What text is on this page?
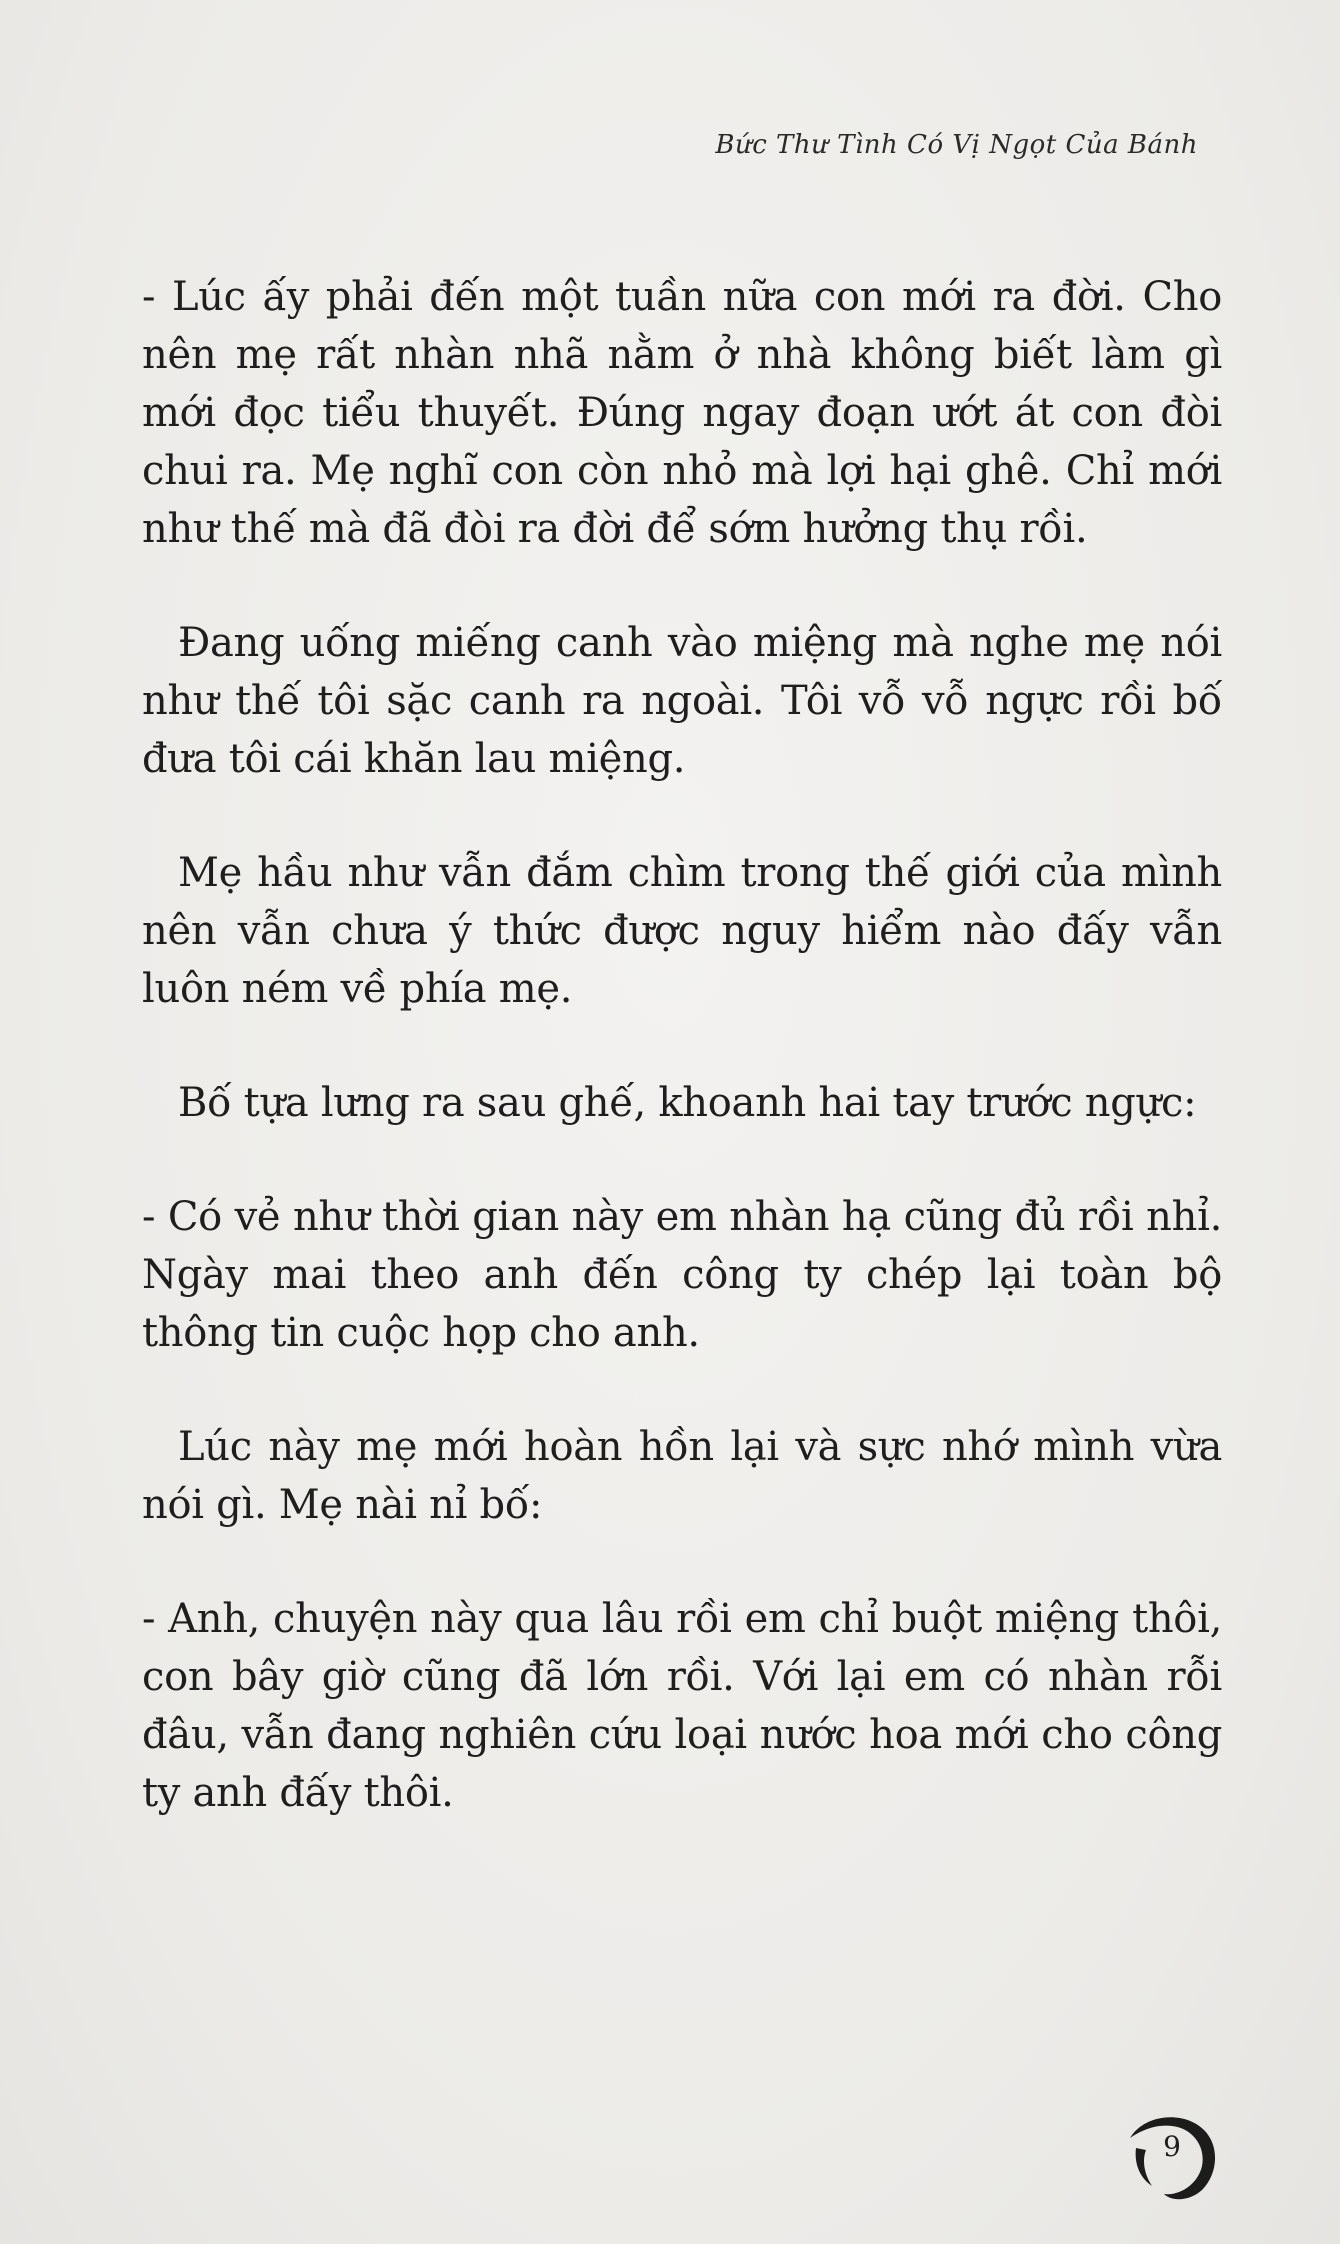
Bức Thư Tình Có Vị Ngọt Của Bánh

- Lúc ấy phải đến một tuần nữa con mới ra đời. Cho nên mẹ rất nhàn nhã nằm ở nhà không biết làm gì mới đọc tiểu thuyết. Đúng ngay đoạn ướt át con đòi chui ra. Mẹ nghĩ con còn nhỏ mà lợi hại ghê. Chỉ mới như thế mà đã đòi ra đời để sớm hưởng thụ rồi.

Đang uống miếng canh vào miệng mà nghe mẹ nói như thế tôi sặc canh ra ngoài. Tôi vỗ vỗ ngực rồi bố đưa tôi cái khăn lau miệng.

Mẹ hầu như vẫn đắm chìm trong thế giới của mình nên vẫn chưa ý thức được nguy hiểm nào đấy vẫn luôn ném về phía mẹ.

Bố tựa lưng ra sau ghế, khoanh hai tay trước ngực:

- Có vẻ như thời gian này em nhàn hạ cũng đủ rồi nhỉ. Ngày mai theo anh đến công ty chép lại toàn bộ thông tin cuộc họp cho anh.

Lúc này mẹ mới hoàn hồn lại và sực nhớ mình vừa nói gì. Mẹ nài nỉ bố:

- Anh, chuyện này qua lâu rồi em chỉ buột miệng thôi, con bây giờ cũng đã lớn rồi. Với lại em có nhàn rỗi đâu, vẫn đang nghiên cứu loại nước hoa mới cho công ty anh đấy thôi.

9
